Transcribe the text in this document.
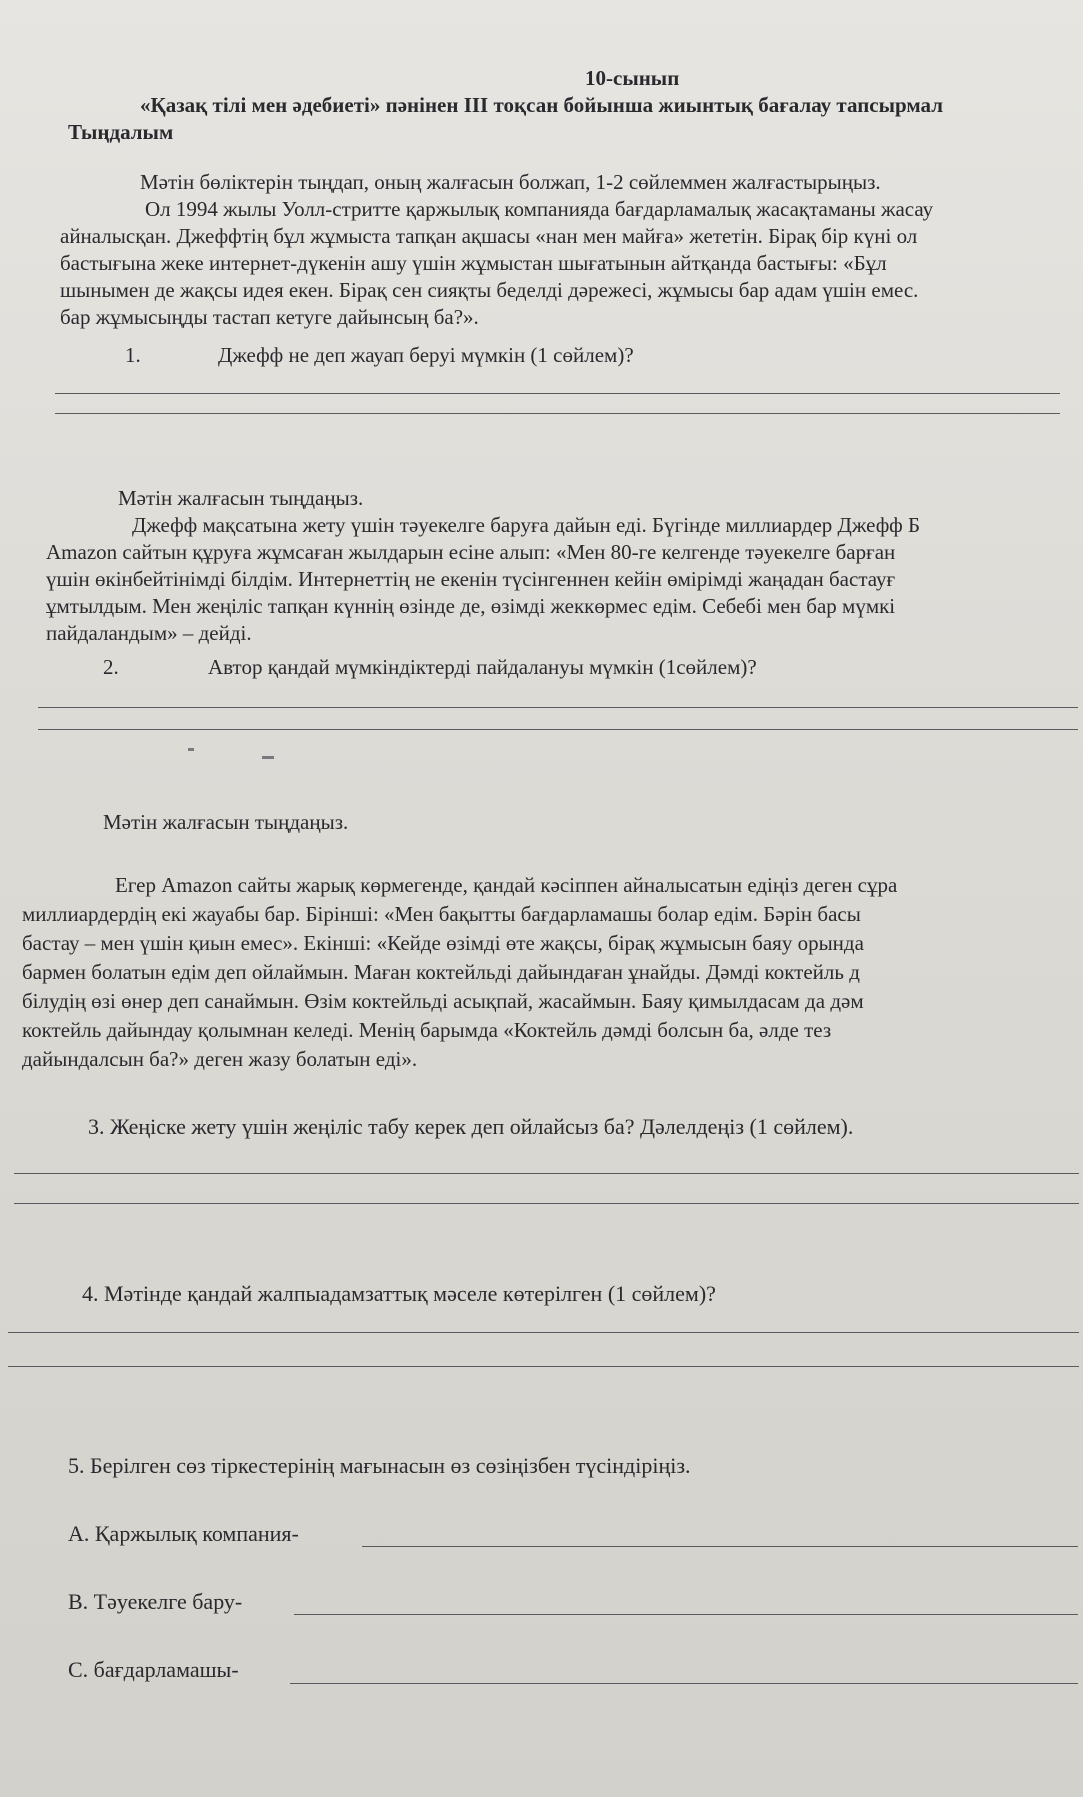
10-сынып
«Қазақ тілі мен әдебиеті» пәнінен III тоқсан бойынша жиынтық бағалау тапсырмал
Тыңдалым
Мәтін бөліктерін тыңдап, оның жалғасын болжап, 1-2 сөйлеммен жалғастырыңыз.
Ол 1994 жылы Уолл-стритте қаржылық компанияда бағдарламалық жасақтаманы жасау
айналысқан. Джеффтің бұл жұмыста тапқан ақшасы «нан мен майға» жететін. Бірақ бір күні ол
бастығына жеке интернет-дүкенін ашу үшін жұмыстан шығатынын айтқанда бастығы: «Бұл
шынымен де жақсы идея екен. Бірақ сен сияқты беделді дәрежесі, жұмысы бар адам үшін емес.
бар жұмысыңды тастап кетуге дайынсың ба?».
1.	Джефф не деп жауап беруі мүмкін (1 сөйлем)?
Мәтін жалғасын тыңдаңыз.
Джефф мақсатына жету үшін тәуекелге баруға дайын еді. Бүгінде миллиардер Джефф Б
Amazon сайтын құруға жұмсаған жылдарын есіне алып: «Мен 80-ге келгенде тәуекелге барған
үшін өкінбейтінімді білдім. Интернеттің не екенін түсінгеннен кейін өмірімді жаңадан бастауғ
ұмтылдым. Мен жеңіліс тапқан күннің өзінде де, өзімді жеккөрмес едім. Себебі мен бар мүмкі
пайдаландым» – дейді.
2.	Автор қандай мүмкіндіктерді пайдалануы мүмкін (1сөйлем)?
Мәтін жалғасын тыңдаңыз.
Егер Amazon сайты жарық көрмегенде, қандай кәсіппен айналысатын едіңіз деген сұра
миллиардердің екі жауабы бар. Бірінші: «Мен бақытты бағдарламашы болар едім. Бәрін басы
бастау – мен үшін қиын емес». Екінші: «Кейде өзімді өте жақсы, бірақ жұмысын баяу орында
бармен болатын едім деп ойлаймын. Маған коктейльді дайындаған ұнайды. Дәмді коктейль д
білудің өзі өнер деп санаймын. Өзім коктейльді асықпай, жасаймын. Баяу қимылдасам да дәм
коктейль дайындау қолымнан келеді. Менің барымда «Коктейль дәмді болсын ба, әлде тез
дайындалсын ба?» деген жазу болатын еді».
3. Жеңіске жету үшін жеңіліс табу керек деп ойлайсыз ба? Дәлелдеңіз (1 сөйлем).
4. Мәтінде қандай жалпыадамзаттық мәселе көтерілген (1 сөйлем)?
5. Берілген сөз тіркестерінің мағынасын өз сөзіңізбен түсіндіріңіз.
А. Қаржылық компания-
В. Тәуекелге бару-
С. бағдарламашы-
